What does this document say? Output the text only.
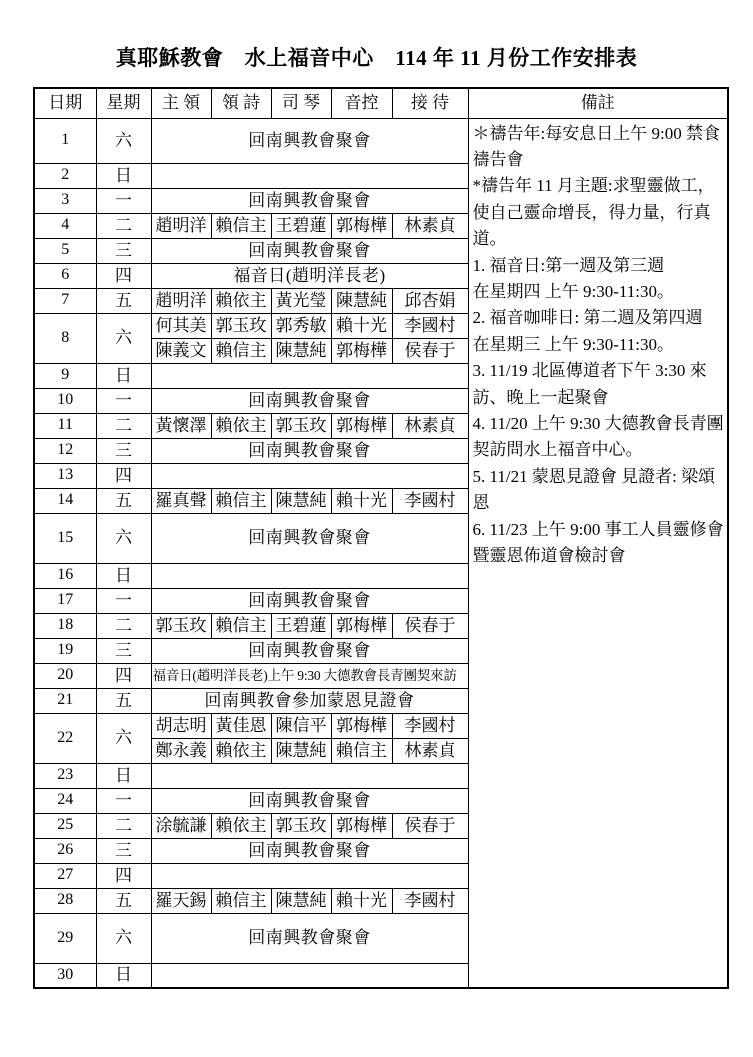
真耶穌教會　水上福音中心　114 年 11 月份工作安排表
日期	星期	主 領	領 詩	司 琴	音控	接 待	備註
1	六	回南興教會聚會	＊禱告年:每安息日上午 9:00 禁食禱告會
*禱告年 11 月主題:求聖靈做工，使自己靈命增長，得力量，行真道。
1. 福音日:第一週及第三週
在星期四 上午 9:30-11:30。
2. 福音咖啡日: 第二週及第四週
在星期三 上午 9:30-11:30。
3. 11/19 北區傳道者下午 3:30 來訪、晚上一起聚會
4. 11/20 上午 9:30 大德教會長青團契訪問水上福音中心。
5. 11/21 蒙恩見證會 見證者: 梁頌恩
6. 11/23 上午 9:00 事工人員靈修會暨靈恩佈道會檢討會

2	日						
3	一	回南興教會聚會					
4	二	趙明洋	賴信主	王碧蓮	郭梅樺	林素貞	
5	三	回南興教會聚會					
6	四	福音日(趙明洋長老)					
7	五	趙明洋	賴依主	黃光瑩	陳慧純	邱杏娟	
8	六	何其美	郭玉玫	郭秀敏	賴十光	李國村	
		陳義文	賴信主	陳慧純	郭梅樺	侯春于	
9	日						
10	一	回南興教會聚會					
11	二	黃懷澤	賴依主	郭玉玫	郭梅樺	林素貞	
12	三	回南興教會聚會					
13	四						
14	五	羅真聲	賴信主	陳慧純	賴十光	李國村	
15	六	回南興教會聚會					
16	日						
17	一	回南興教會聚會					
18	二	郭玉玫	賴信主	王碧蓮	郭梅樺	侯春于	
19	三	回南興教會聚會					
20	四	福音日(趙明洋長老)上午 9:30 大德教會長青團契來訪					
21	五	回南興教會參加蒙恩見證會					
22	六	胡志明	黃佳恩	陳信平	郭梅樺	李國村	
		鄭永義	賴依主	陳慧純	賴信主	林素貞	
23	日						
24	一	回南興教會聚會					
25	二	涂毓謙	賴依主	郭玉玫	郭梅樺	侯春于	
26	三	回南興教會聚會					
27	四						
28	五	羅天錫	賴信主	陳慧純	賴十光	李國村	
29	六	回南興教會聚會					
30	日						
